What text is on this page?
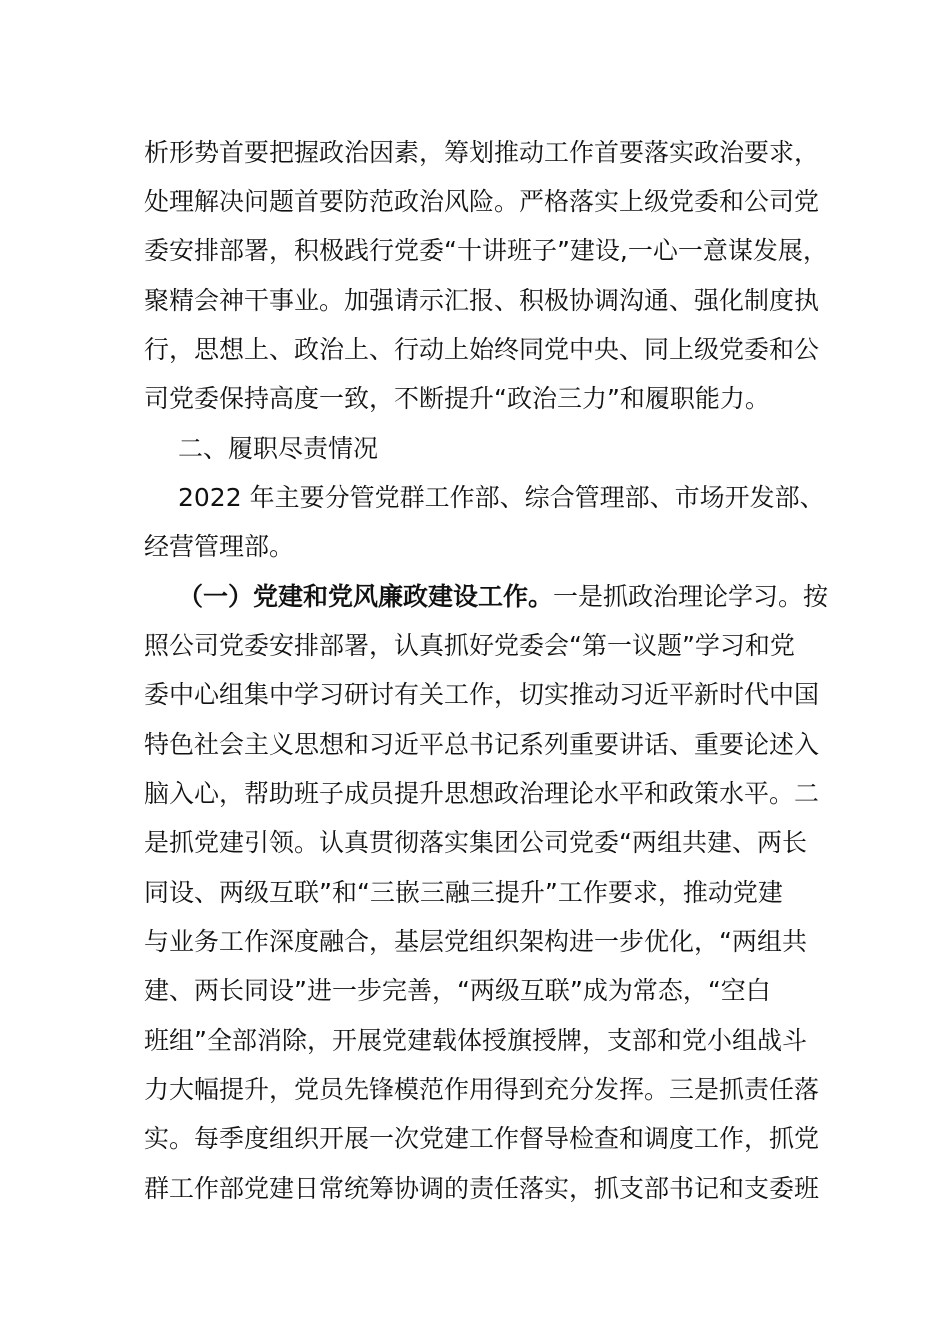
析形势首要把握政治因素，筹划推动工作首要落实政治要求，
处理解决问题首要防范政治风险。严格落实上级党委和公司党
委安排部署，积极践行党委“十讲班子”建设,一心一意谋发展，
聚精会神干事业。加强请示汇报、积极协调沟通、强化制度执
行，思想上、政治上、行动上始终同党中央、同上级党委和公
司党委保持高度一致，不断提升“政治三力”和履职能力。
二、履职尽责情况
2022 年主要分管党群工作部、综合管理部、市场开发部、
经营管理部。
（一）党建和党风廉政建设工作。一是抓政治理论学习。按
照公司党委安排部署，认真抓好党委会“第一议题”学习和党
委中心组集中学习研讨有关工作，切实推动习近平新时代中国
特色社会主义思想和习近平总书记系列重要讲话、重要论述入
脑入心，帮助班子成员提升思想政治理论水平和政策水平。二
是抓党建引领。认真贯彻落实集团公司党委“两组共建、两长
同设、两级互联”和“三嵌三融三提升”工作要求，推动党建
与业务工作深度融合，基层党组织架构进一步优化，“两组共
建、两长同设”进一步完善，“两级互联”成为常态，“空白
班组”全部消除，开展党建载体授旗授牌，支部和党小组战斗
力大幅提升，党员先锋模范作用得到充分发挥。三是抓责任落
实。每季度组织开展一次党建工作督导检查和调度工作，抓党
群工作部党建日常统筹协调的责任落实，抓支部书记和支委班
